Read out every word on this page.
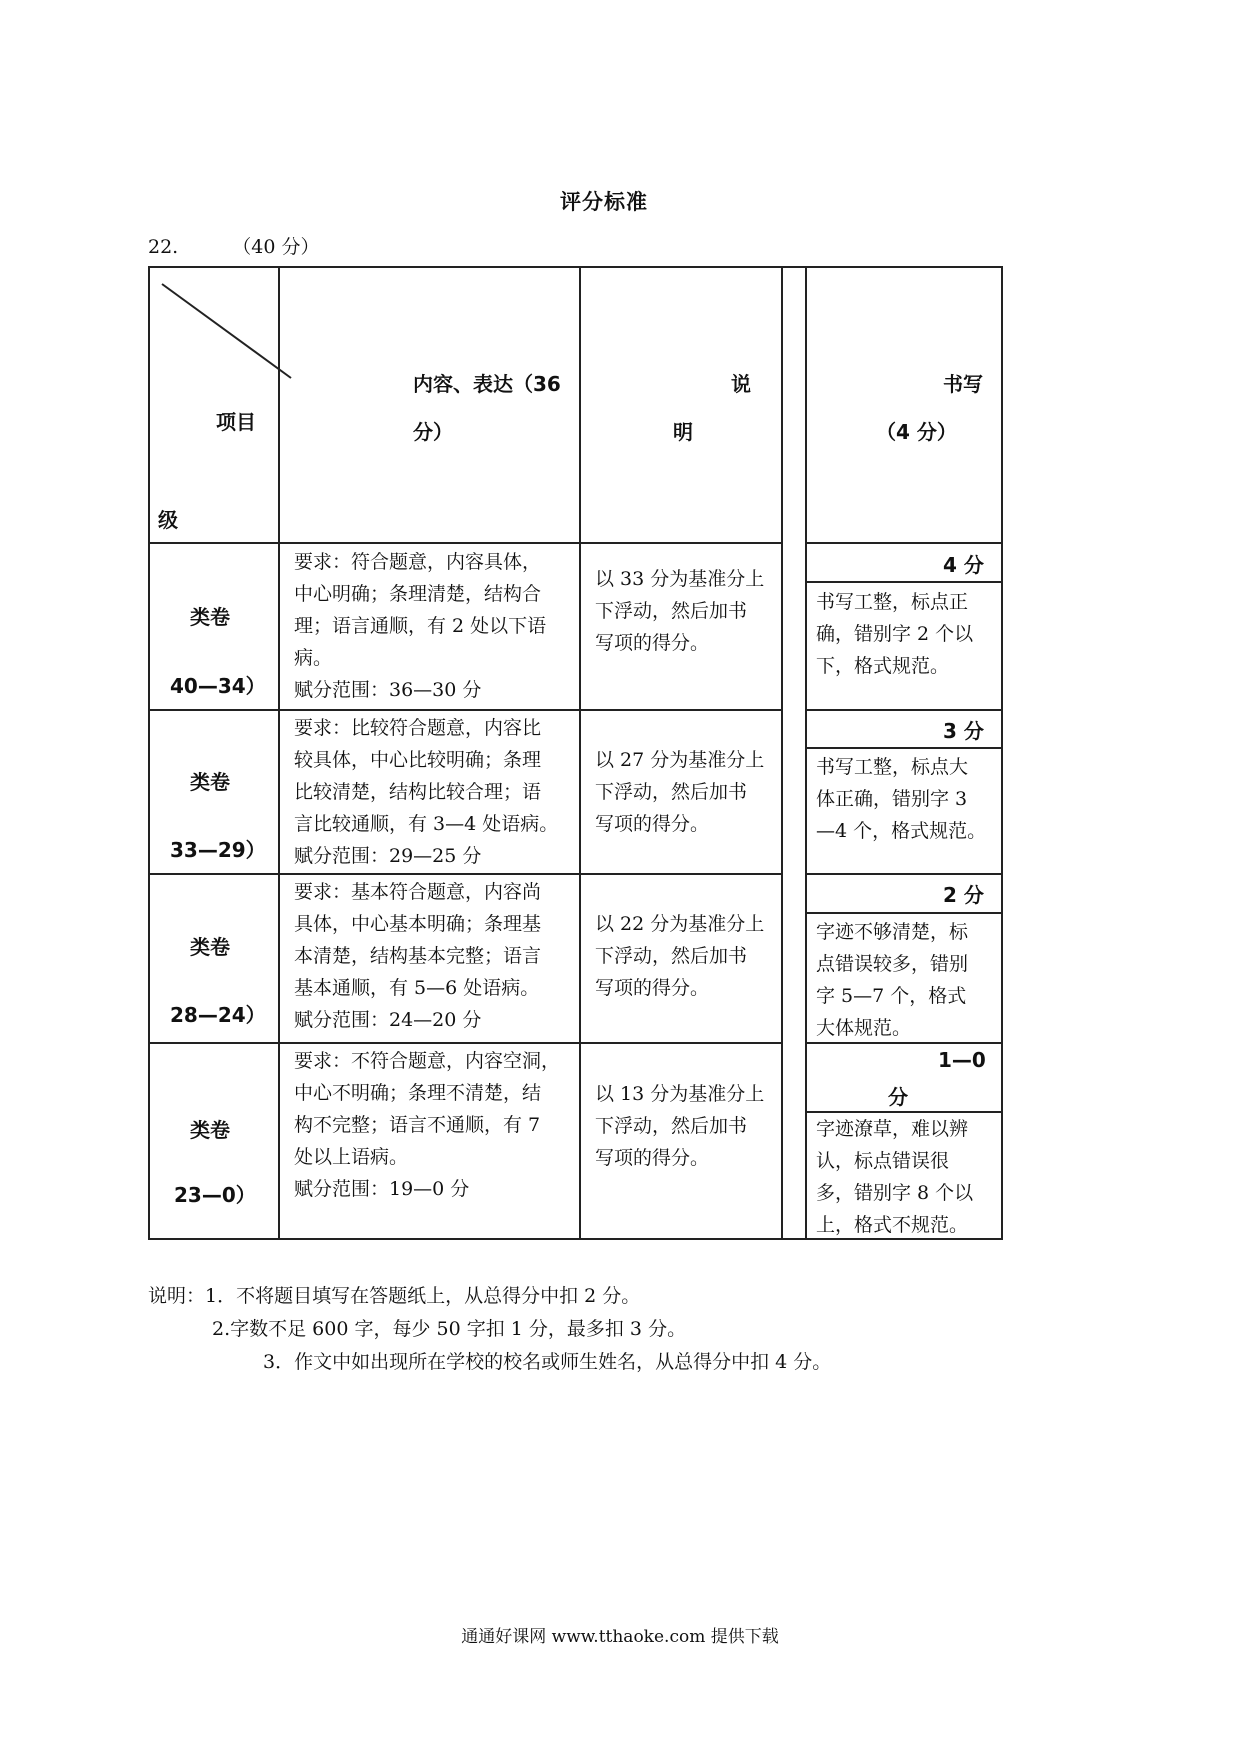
评分标准
22.	（40 分）
项目
级
内容、表达（36
分）
说
明
书写
（4 分）
类卷
40—34）
要求：符合题意，内容具体，
中心明确；条理清楚，结构合
理；语言通顺，有 2 处以下语
病。
赋分范围：36—30 分
以 33 分为基准分上
下浮动，然后加书
写项的得分。
4 分
书写工整，标点正
确，错别字 2 个以
下，格式规范。
类卷
33—29）
要求：比较符合题意，内容比
较具体，中心比较明确；条理
比较清楚，结构比较合理；语
言比较通顺，有 3—4 处语病。
赋分范围：29—25 分
以 27 分为基准分上
下浮动，然后加书
写项的得分。
3 分
书写工整，标点大
体正确，错别字 3
—4 个，格式规范。
类卷
28—24）
要求：基本符合题意，内容尚
具体，中心基本明确；条理基
本清楚，结构基本完整；语言
基本通顺，有 5—6 处语病。
赋分范围：24—20 分
以 22 分为基准分上
下浮动，然后加书
写项的得分。
2 分
字迹不够清楚，标
点错误较多，错别
字 5—7 个，格式
大体规范。
类卷
23—0）
要求：不符合题意，内容空洞，
中心不明确；条理不清楚，结
构不完整；语言不通顺，有 7
处以上语病。
赋分范围：19—0 分
以 13 分为基准分上
下浮动，然后加书
写项的得分。
1—0
分
字迹潦草，难以辨
认，标点错误很
多，错别字 8 个以
上，格式不规范。
说明：1．不将题目填写在答题纸上，从总得分中扣 2 分。
2.字数不足 600 字，每少 50 字扣 1 分，最多扣 3 分。
3．作文中如出现所在学校的校名或师生姓名，从总得分中扣 4 分。
通通好课网 www.tthaoke.com 提供下载
